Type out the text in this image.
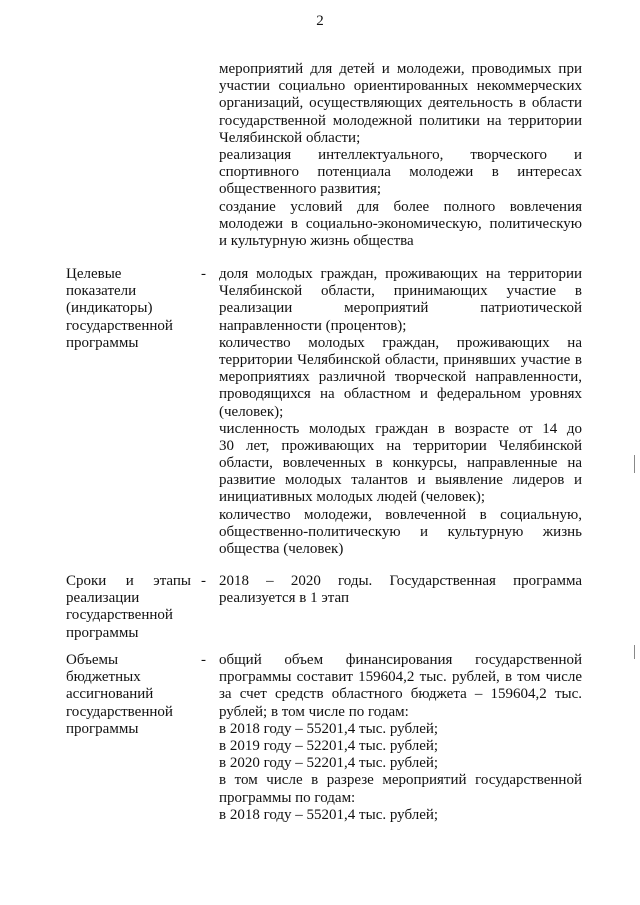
2
мероприятий для детей и молодежи, проводимых при
участии социально ориентированных некоммерческих
организаций, осуществляющих деятельность в области
государственной молодежной политики на территории
Челябинской области;
реализация интеллектуального, творческого и
спортивного потенциала молодежи в интересах
общественного развития;
создание условий для более полного вовлечения
молодежи в социально-экономическую, политическую
и культурную жизнь общества
Целевые
показатели
(индикаторы)
государственной
программы
- доля молодых граждан, проживающих на территории
Челябинской области, принимающих участие в
реализации мероприятий патриотической
направленности (процентов);
количество молодых граждан, проживающих на
территории Челябинской области, принявших участие в
мероприятиях различной творческой направленности,
проводящихся на областном и федеральном уровнях
(человек);
численность молодых граждан в возрасте от 14 до
30 лет, проживающих на территории Челябинской
области, вовлеченных в конкурсы, направленные на
развитие молодых талантов и выявление лидеров и
инициативных молодых людей (человек);
количество молодежи, вовлеченной в социальную,
общественно-политическую и культурную жизнь
общества (человек)
Сроки и этапы
реализации
государственной
программы
- 2018 – 2020 годы. Государственная программа
реализуется в 1 этап
Объемы
бюджетных
ассигнований
государственной
программы
- общий объем финансирования государственной
программы составит 159604,2 тыс. рублей, в том числе
за счет средств областного бюджета – 159604,2 тыс.
рублей; в том числе по годам:
в 2018 году – 55201,4 тыс. рублей;
в 2019 году – 52201,4 тыс. рублей;
в 2020 году – 52201,4 тыс. рублей;
в том числе в разрезе мероприятий государственной
программы по годам:
в 2018 году – 55201,4 тыс. рублей;
